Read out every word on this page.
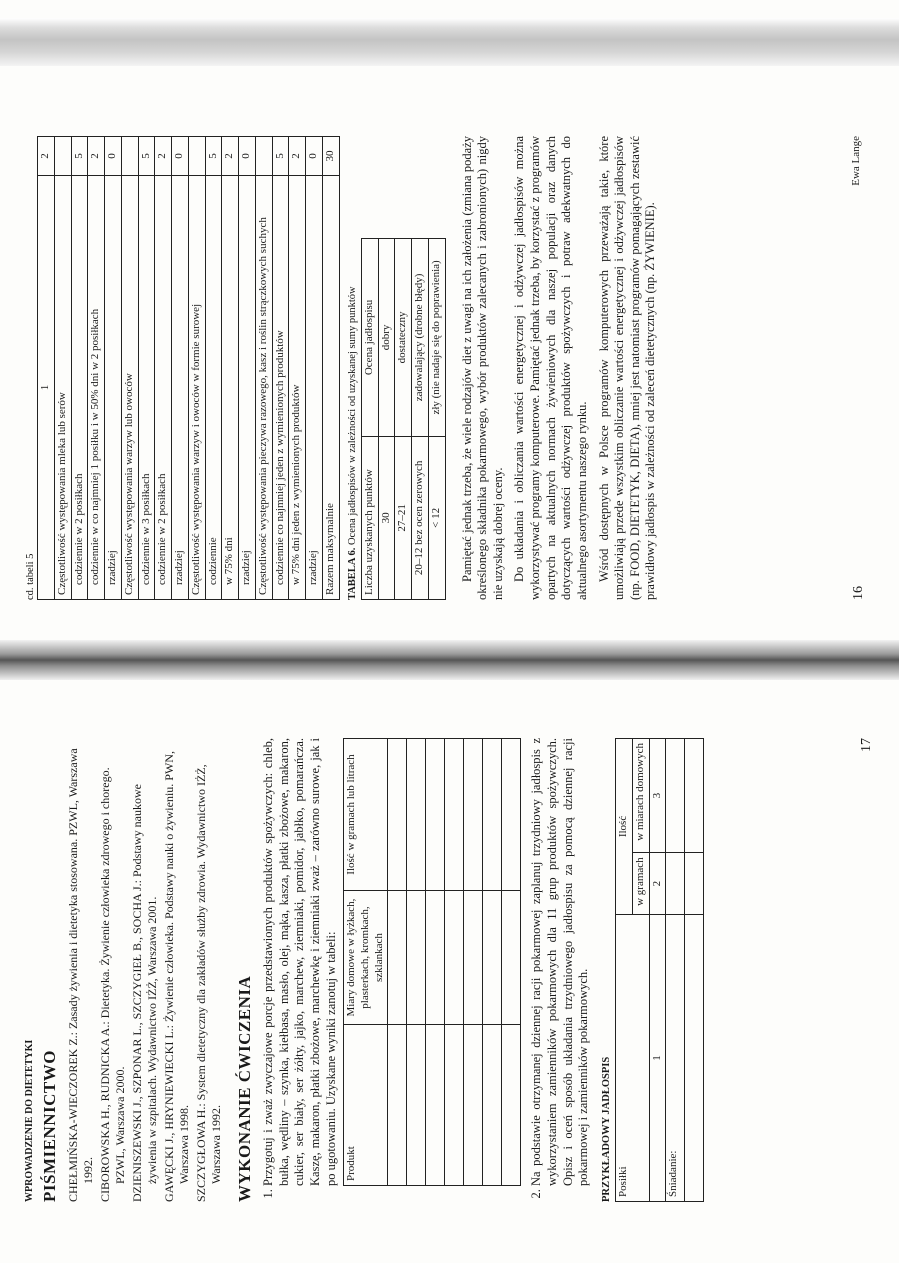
cd. tabeli 5
1	2
Częstotliwość występowania mleka lub serów	
codziennie w 2 posiłkach	5
codziennie w co najmniej 1 posiłku i w 50% dni w 2 posiłkach	2
rzadziej	0
Częstotliwość występowania warzyw lub owoców	
codziennie w 3 posiłkach	5
codziennie w 2 posiłkach	2
rzadziej	0
Częstotliwość występowania warzyw i owoców w formie surowej	
codziennie	5
w 75% dni	2
rzadziej	0
Częstotliwość występowania pieczywa razowego, kasz i roślin strączkowych suchych	
codziennie co najmniej jeden z wymienionych produktów	5
w 75% dni jeden z wymienionych produktów	2
rzadziej	0
Razem maksymalnie	30
TABELA 6. Ocena jadłospisów w zależności od uzyskanej sumy punktów Liczba uzyskanych punktów	Ocena jadłospisu
30	dobry
27–21	dostateczny
20–12 bez ocen zerowych	zadowalający (drobne błędy)
< 12	zły (nie nadaje się do poprawienia) Pamiętać jednak trzeba, że wiele rodzajów diet z uwagi na ich założenia (zmiana podaży określonego składnika pokarmowego, wybór produktów zalecanych i zabronionych) nigdy nie uzyskają dobrej oceny. Do układania i obliczania wartości energetycznej i odżywczej jadłospisów można wykorzystywać programy komputerowe. Pamiętać jednak trzeba, by korzystać z programów opartych na aktualnych normach żywieniowych dla naszej populacji oraz danych dotyczących wartości odżywczej produktów spożywczych i potraw adekwatnych do aktualnego asortymentu naszego rynku. Wśród dostępnych w Polsce programów komputerowych przeważają takie, które umożliwiają przede wszystkim obliczanie wartości energetycznej i odżywczej jadłospisów (np. FOOD, DIETETYK, DIETA), mniej jest natomiast programów pomagających zestawić prawidłowy jadłospis w zależności od zaleceń dietetycznych (np. ŻYWIENIE).	16
Ewa Lange
WPROWADZENIE DO DIETETYKI PIŚMIENNICTWO CHEŁMIŃSKA-WIECZOREK Z.: Zasady żywienia i dietetyka stosowana. PZWL, Warszawa 1992. CIBOROWSKA H., RUDNICKA A.: Dietetyka. Żywienie człowieka zdrowego i chorego. PZWL, Warszawa 2000. DZIENISZEWSKI J., SZPONAR L., SZCZYGIEŁ B., SOCHA J.: Podstawy naukowe żywienia w szpitalach. Wydawnictwo IŻŻ, Warszawa 2001. GAWĘCKI J., HRYNIEWIECKI L.: Żywienie człowieka. Podstawy nauki o żywieniu. PWN, Warszawa 1998. SZCZYGŁOWA H.: System dietetyczny dla zakładów służby zdrowia. Wydawnictwo IŻŻ, Warszawa 1992. WYKONANIE ĆWICZENIA 1. Przygotuj i zważ zwyczajowe porcje przedstawionych produktów spożywczych: chleb, bułka, wędliny – szynka, kiełbasa, masło, olej, mąka, kasza, płatki zbożowe, makaron, cukier, ser biały, ser żółty, jajko, marchew, ziemniaki, pomidor, jabłko, pomarańcza. Kaszę, makaron, płatki zbożowe, marchewkę i ziemniaki zważ – zarówno surowe, jak i po ugotowaniu. Uzyskane wyniki zanotuj w tabeli: Produkt	Miary domowe w łyżkach, plasterkach, kromkach, szklankach	Ilość w gramach lub litrach

			2. Na podstawie otrzymanej dziennej racji pokarmowej zaplanuj trzydniowy jadłospis z wykorzystaniem zamienników pokarmowych dla 11 grup produktów spożywczych. Opisz i oceń sposób układania trzydniowego jadłospisu za pomocą dziennej racji pokarmowej i zamienników pokarmowych. PRZYKŁADOWY JADŁOSPIS Posiłki	Ilość	
	w gramach	w miarach domowych
1	2	3
Śniadanie:		

17
